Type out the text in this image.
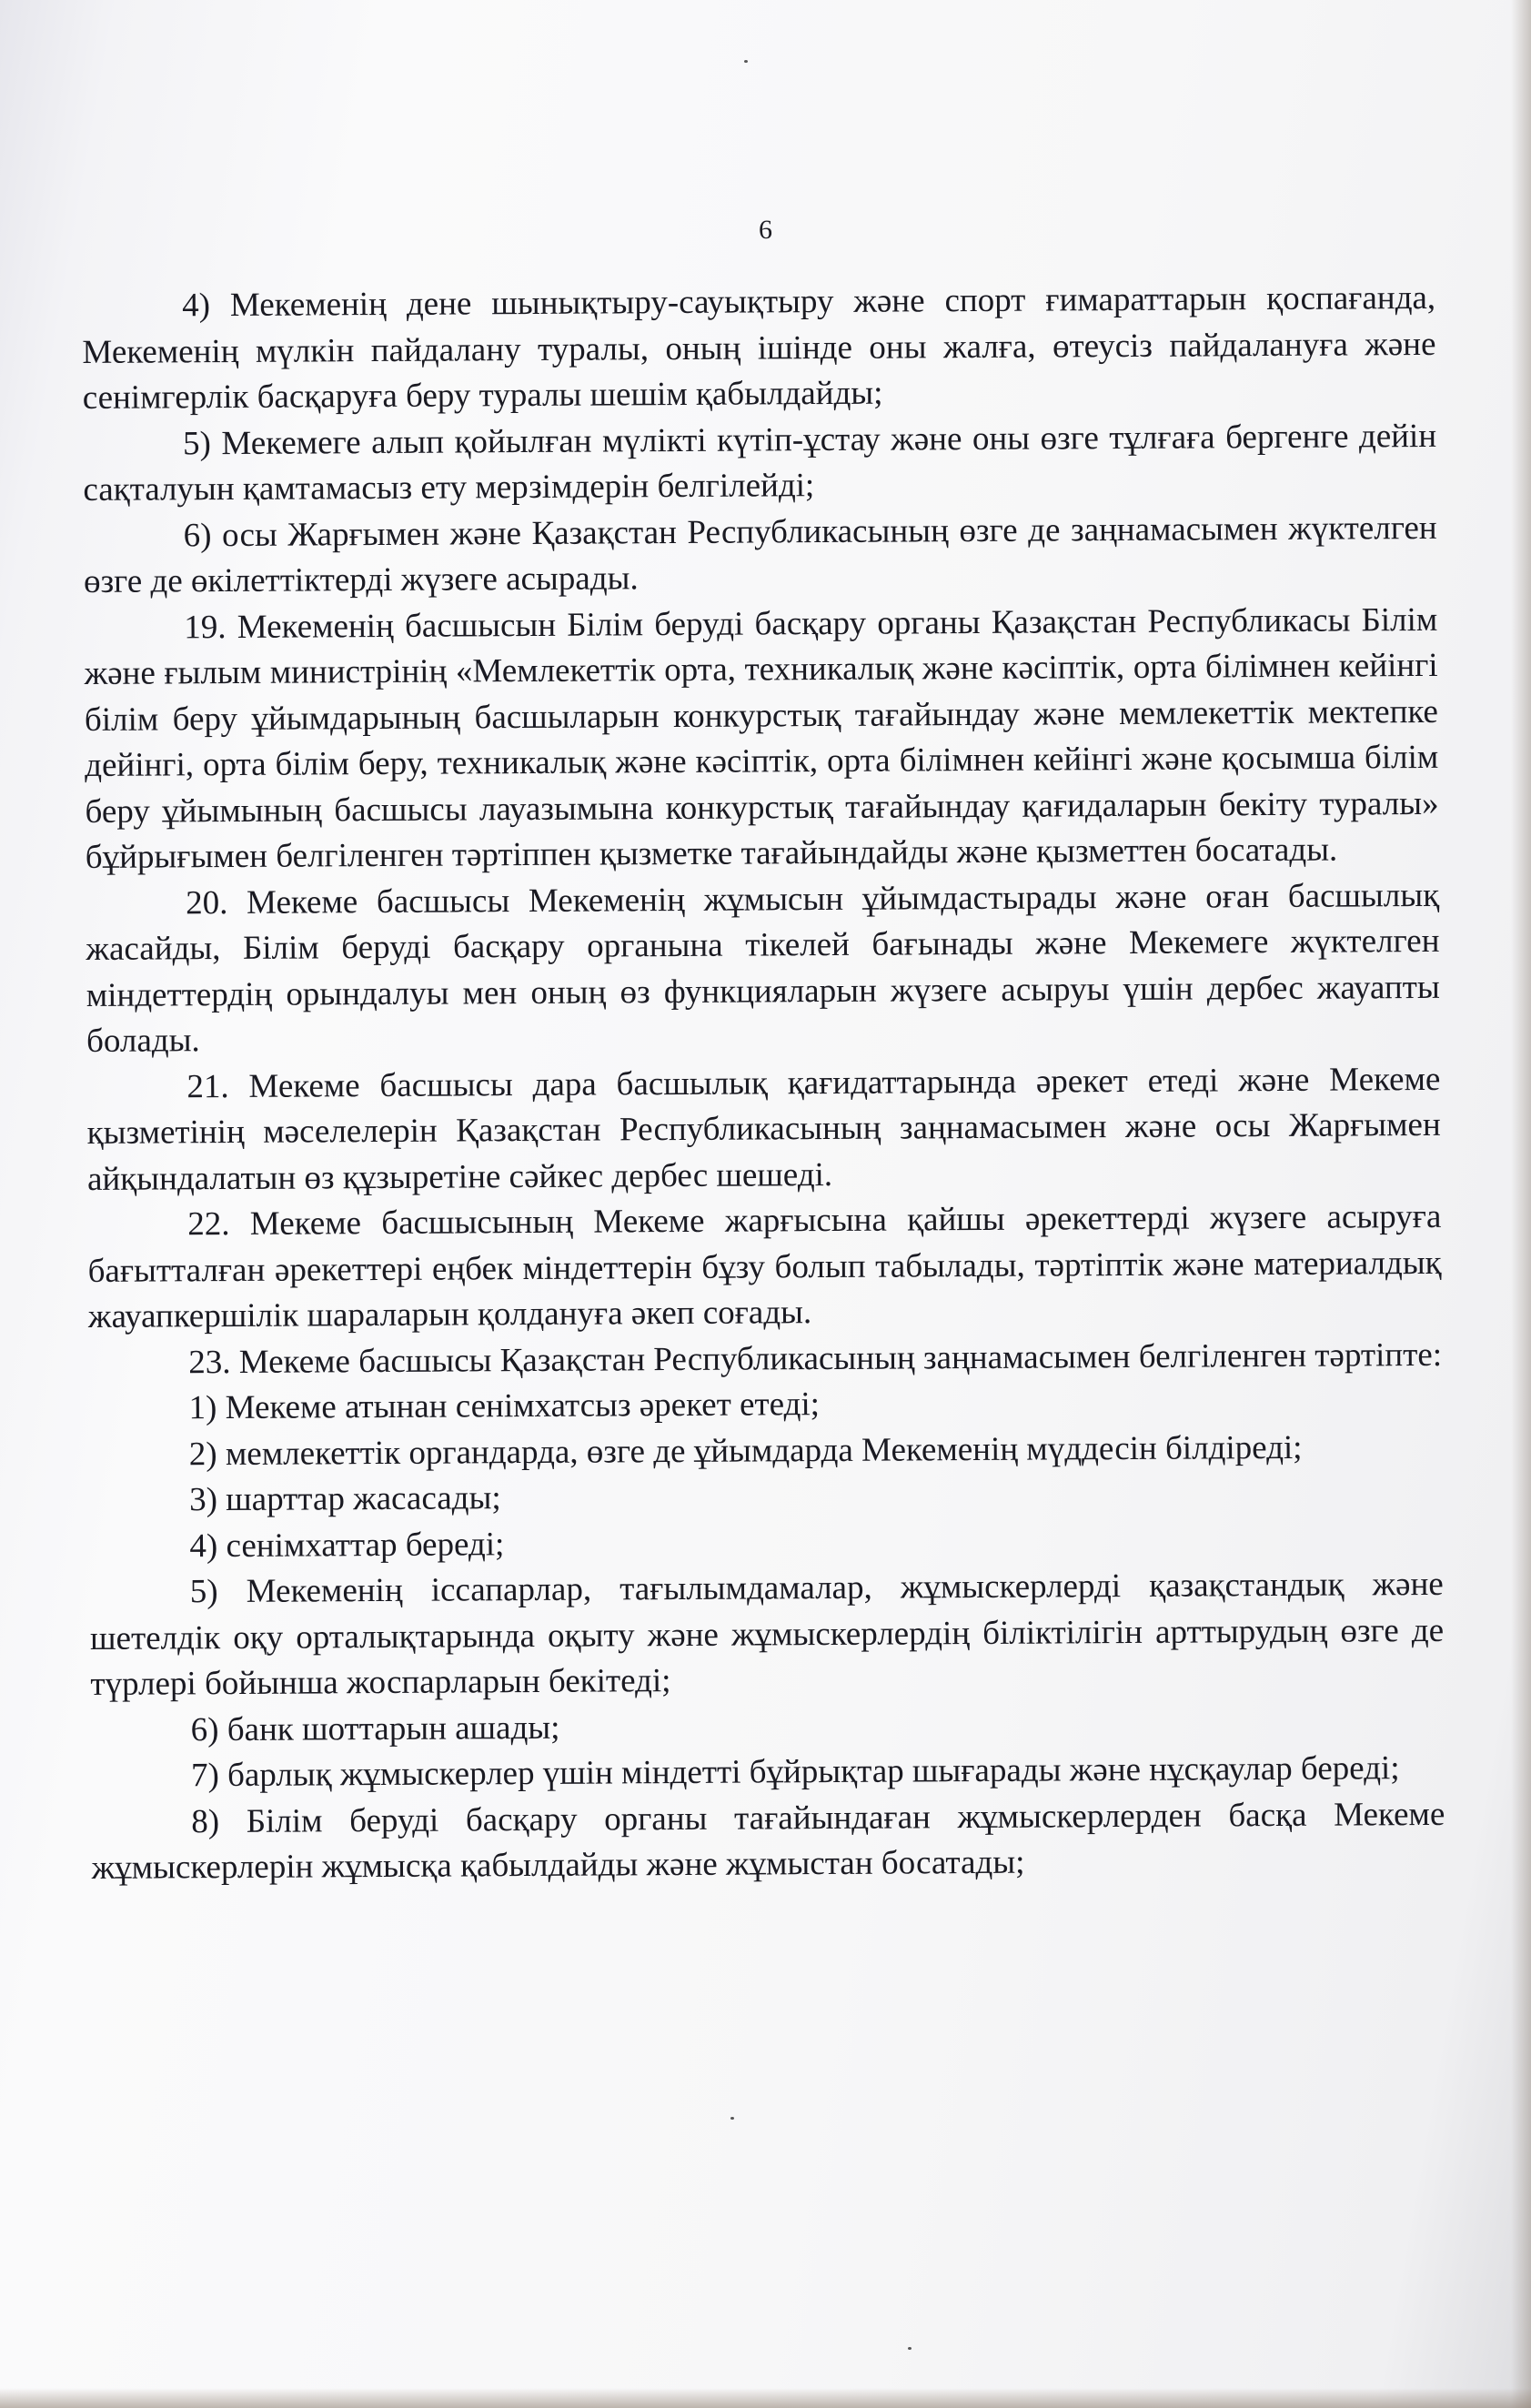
6

4) Мекеменің дене шынықтыру-сауықтыру және спорт ғимараттарын қоспағанда, Мекеменің мүлкін пайдалану туралы, оның ішінде оны жалға, өтеусіз пайдалануға және сенімгерлік басқаруға беру туралы шешім қабылдайды;

5) Мекемеге алып қойылған мүлікті күтіп-ұстау және оны өзге тұлғаға бергенге дейін сақталуын қамтамасыз ету мерзімдерін белгілейді;

6) осы Жарғымен және Қазақстан Республикасының өзге де заңнамасымен жүктелген өзге де өкілеттіктерді жүзеге асырады.

19. Мекеменің басшысын Білім беруді басқару органы Қазақстан Республикасы Білім және ғылым министрінің «Мемлекеттік орта, техникалық және кәсіптік, орта білімнен кейінгі білім беру ұйымдарының басшыларын конкурстық тағайындау және мемлекеттік мектепке дейінгі, орта білім беру, техникалық және кәсіптік, орта білімнен кейінгі және қосымша білім беру ұйымының басшысы лауазымына конкурстық тағайындау қағидаларын бекіту туралы» бұйрығымен белгіленген тәртіппен қызметке тағайындайды және қызметтен босатады.

20. Мекеме басшысы Мекеменің жұмысын ұйымдастырады және оған басшылық жасайды, Білім беруді басқару органына тікелей бағынады және Мекемеге жүктелген міндеттердің орындалуы мен оның өз функцияларын жүзеге асыруы үшін дербес жауапты болады.

21. Мекеме басшысы дара басшылық қағидаттарында әрекет етеді және Мекеме қызметінің мәселелерін Қазақстан Республикасының заңнамасымен және осы Жарғымен айқындалатын өз құзыретіне сәйкес дербес шешеді.

22. Мекеме басшысының Мекеме жарғысына қайшы әрекеттерді жүзеге асыруға бағытталған әрекеттері еңбек міндеттерін бұзу болып табылады, тәртіптік және материалдық жауапкершілік шараларын қолдануға әкеп соғады.

23. Мекеме басшысы Қазақстан Республикасының заңнамасымен белгіленген тәртіпте:

1) Мекеме атынан сенімхатсыз әрекет етеді;

2) мемлекеттік органдарда, өзге де ұйымдарда Мекеменің мүддесін білдіреді;

3) шарттар жасасады;

4) сенімхаттар береді;

5) Мекеменің іссапарлар, тағылымдамалар, жұмыскерлерді қазақстандық және шетелдік оқу орталықтарында оқыту және жұмыскерлердің біліктілігін арттырудың өзге де түрлері бойынша жоспарларын бекітеді;

6) банк шоттарын ашады;

7) барлық жұмыскерлер үшін міндетті бұйрықтар шығарады және нұсқаулар береді;

8) Білім беруді басқару органы тағайындаған жұмыскерлерден басқа Мекеме жұмыскерлерін жұмысқа қабылдайды және жұмыстан босатады;
